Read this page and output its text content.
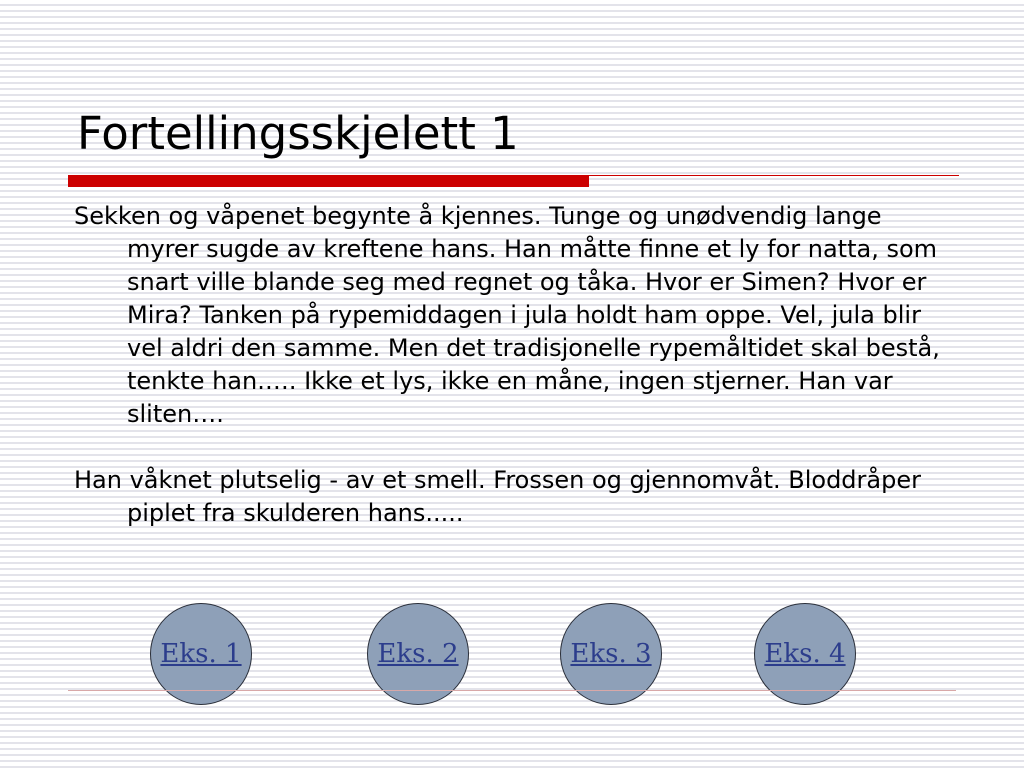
Fortellingsskjelett 1

Sekken og våpenet begynte å kjennes. Tunge og unødvendig lange myrer sugde av kreftene hans. Han måtte finne et ly for natta, som snart ville blande seg med regnet og tåka. Hvor er Simen? Hvor er Mira? Tanken på rypemiddagen i jula holdt ham oppe. Vel, jula blir vel aldri den samme. Men det tradisjonelle rypemåltidet skal bestå, tenkte han.…. Ikke et lys, ikke en måne, ingen stjerner. Han var sliten….

Han våknet plutselig - av et smell. Frossen og gjennomvåt. Bloddråper piplet fra skulderen hans.....

Eks. 1	Eks. 2	Eks. 3	Eks. 4
